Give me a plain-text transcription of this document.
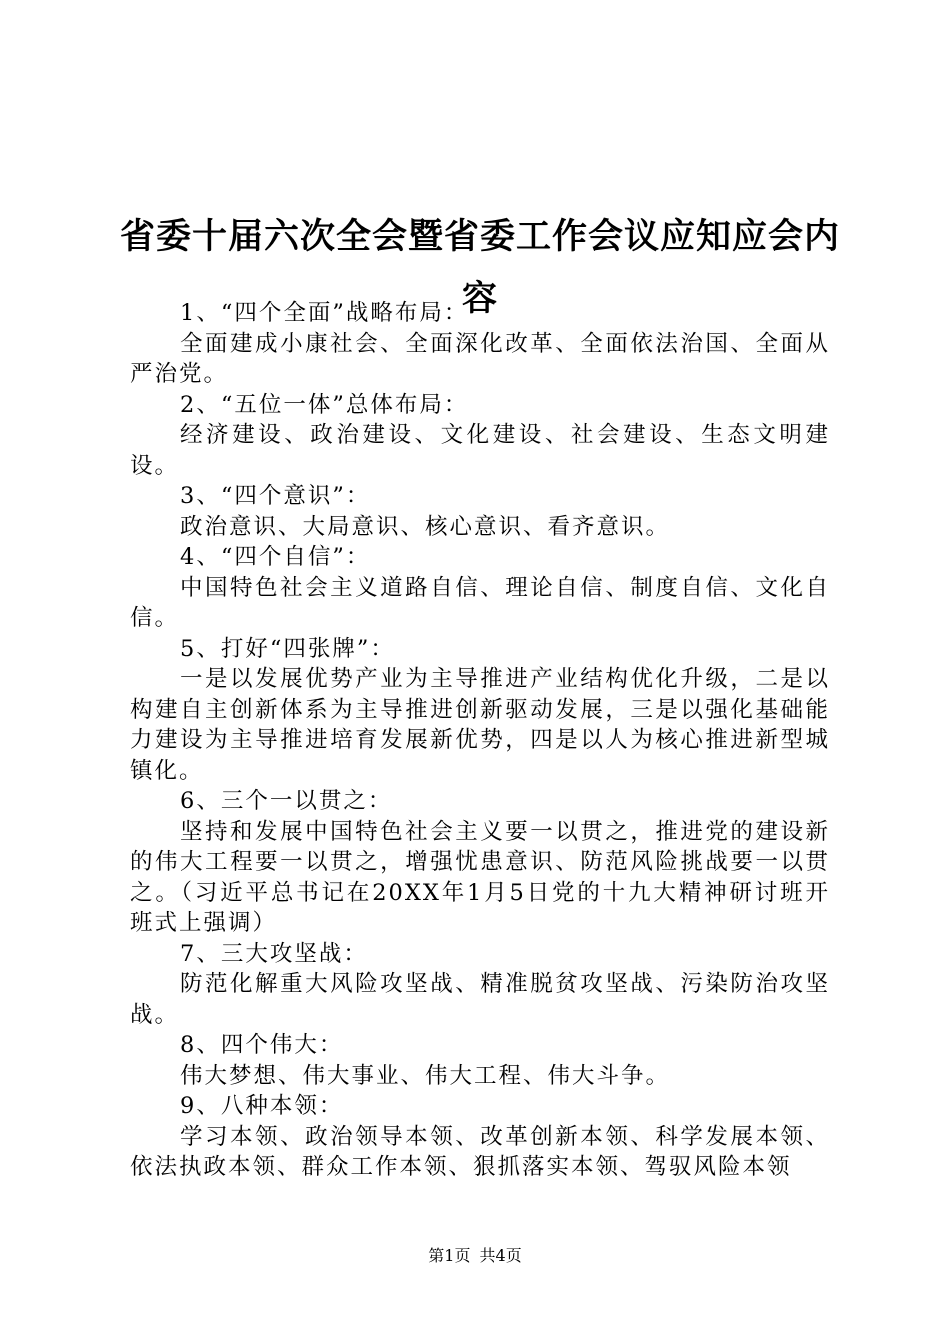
省委十届六次全会暨省委工作会议应知应会内容

1、“四个全面”战略布局：

全面建成小康社会、全面深化改革、全面依法治国、全面从严治党。

2、“五位一体”总体布局：

经济建设、政治建设、文化建设、社会建设、生态文明建设。

3、“四个意识”：

政治意识、大局意识、核心意识、看齐意识。

4、“四个自信”：

中国特色社会主义道路自信、理论自信、制度自信、文化自信。

5、打好“四张牌”：

一是以发展优势产业为主导推进产业结构优化升级，二是以构建自主创新体系为主导推进创新驱动发展，三是以强化基础能力建设为主导推进培育发展新优势，四是以人为核心推进新型城镇化。

6、三个一以贯之：

坚持和发展中国特色社会主义要一以贯之，推进党的建设新的伟大工程要一以贯之，增强忧患意识、防范风险挑战要一以贯之。（习近平总书记在20XX年1月5日党的十九大精神研讨班开班式上强调）

7、三大攻坚战：

防范化解重大风险攻坚战、精准脱贫攻坚战、污染防治攻坚战。

8、四个伟大：

伟大梦想、伟大事业、伟大工程、伟大斗争。

9、八种本领：

学习本领、政治领导本领、改革创新本领、科学发展本领、依法执政本领、群众工作本领、狠抓落实本领、驾驭风险本领

第1页 共4页
